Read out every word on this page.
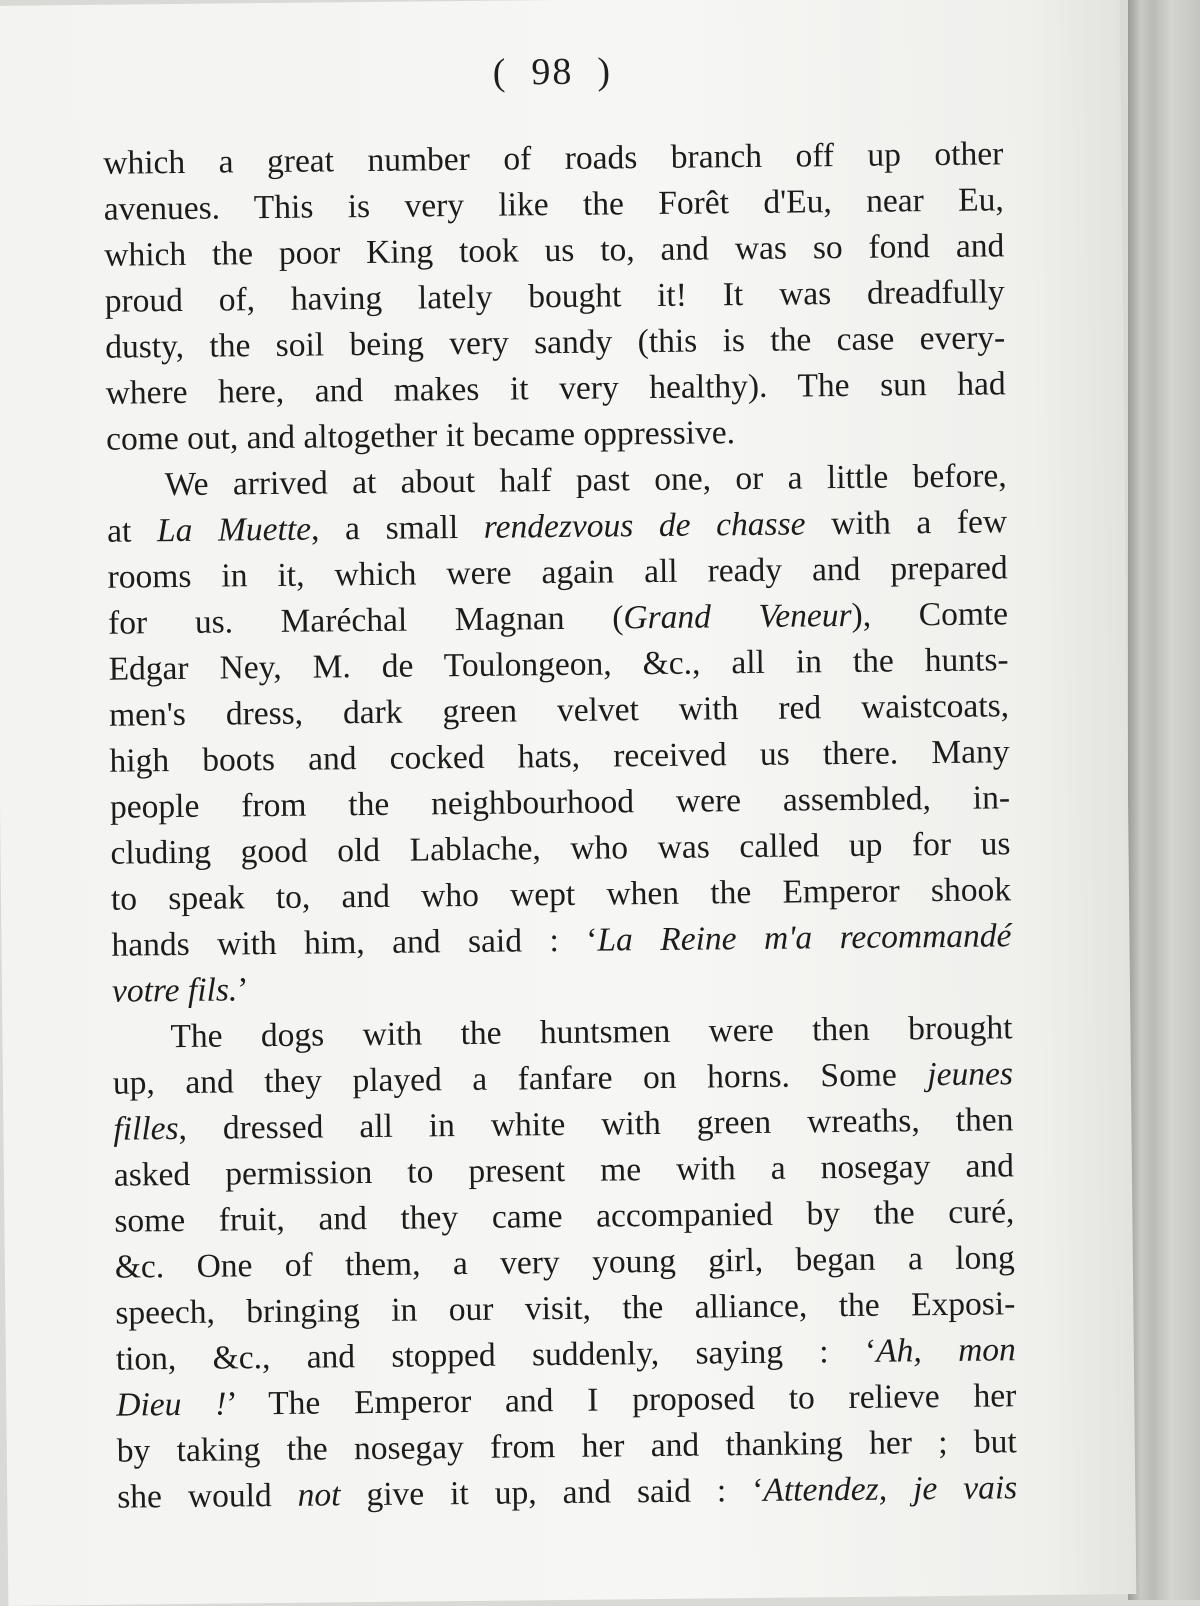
( 98 )

which a great number of roads branch off up other
avenues. This is very like the Forêt d'Eu, near Eu,
which the poor King took us to, and was so fond and
proud of, having lately bought it! It was dreadfully
dusty, the soil being very sandy (this is the case every-
where here, and makes it very healthy). The sun had
come out, and altogether it became oppressive.

We arrived at about half past one, or a little before,
at La Muette, a small rendezvous de chasse with a few
rooms in it, which were again all ready and prepared
for us. Maréchal Magnan (Grand Veneur), Comte
Edgar Ney, M. de Toulongeon, &c., all in the hunts-
men's dress, dark green velvet with red waistcoats,
high boots and cocked hats, received us there. Many
people from the neighbourhood were assembled, in-
cluding good old Lablache, who was called up for us
to speak to, and who wept when the Emperor shook
hands with him, and said : ‘La Reine m'a recommandé
votre fils.’

The dogs with the huntsmen were then brought
up, and they played a fanfare on horns. Some jeunes
filles, dressed all in white with green wreaths, then
asked permission to present me with a nosegay and
some fruit, and they came accompanied by the curé,
&c. One of them, a very young girl, began a long
speech, bringing in our visit, the alliance, the Exposi-
tion, &c., and stopped suddenly, saying : ‘Ah, mon
Dieu !’ The Emperor and I proposed to relieve her
by taking the nosegay from her and thanking her ; but
she would not give it up, and said : ‘Attendez, je vais
